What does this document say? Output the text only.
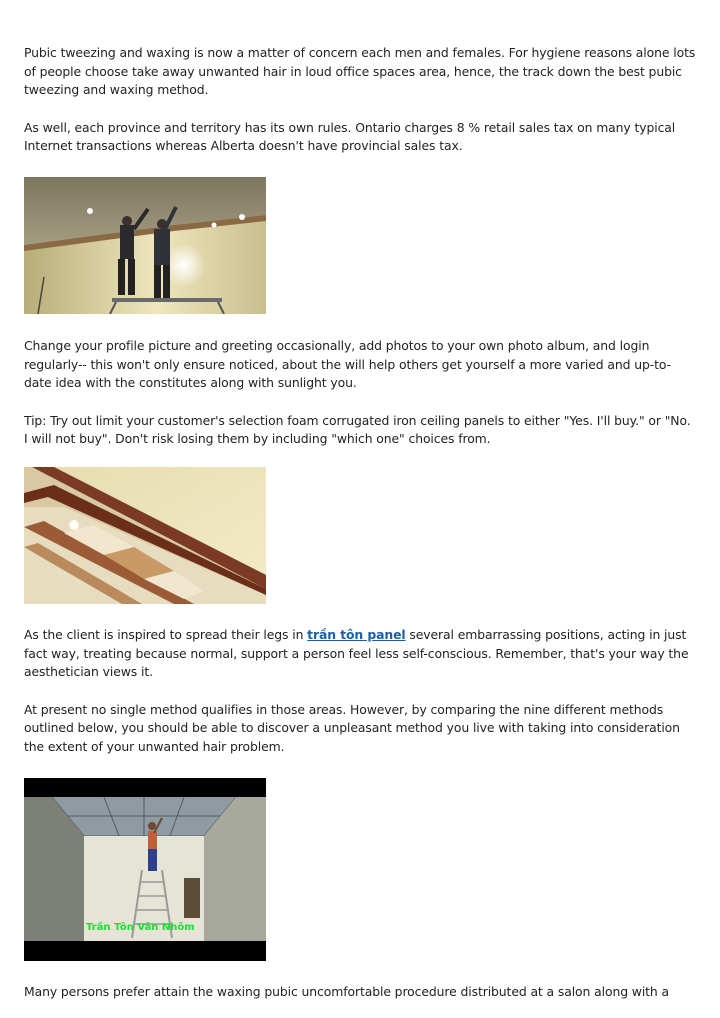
Pubic tweezing and waxing is now a matter of concern each men and females. For hygiene reasons alone lots of people choose take away unwanted hair in loud office spaces area, hence, the track down the best pubic tweezing and waxing method.

As well, each province and territory has its own rules. Ontario charges 8 % retail sales tax on many typical Internet transactions whereas Alberta doesn't have provincial sales tax.

Change your profile picture and greeting occasionally, add photos to your own photo album, and login regularly-- this won't only ensure noticed, about the will help others get yourself a more varied and up-to-date idea with the constitutes along with sunlight you.

Tip: Try out limit your customer's selection foam corrugated iron ceiling panels to either "Yes. I'll buy." or "No. I will not buy". Don't risk losing them by including "which one" choices from.

As the client is inspired to spread their legs in trần tôn panel several embarrassing positions, acting in just fact way, treating because normal, support a person feel less self-conscious. Remember, that's your way the aesthetician views it.

At present no single method qualifies in those areas. However, by comparing the nine different methods outlined below, you should be able to discover a unpleasant method you live with taking into consideration the extent of your unwanted hair problem.

Trần Tôn Vân Nhôm

Many persons prefer attain the waxing pubic uncomfortable procedure distributed at a salon along with a
